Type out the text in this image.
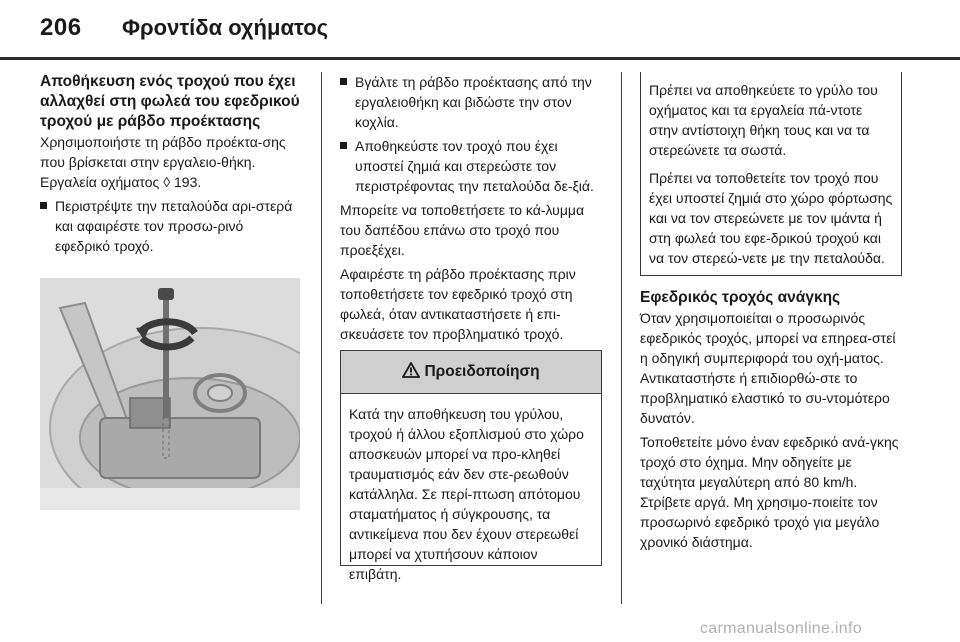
206 Φροντίδα οχήματος
Αποθήκευση ενός τροχού που έχει αλλαχθεί στη φωλεά του εφεδρικού τροχού με ράβδο προέκτασης

Χρησιμοποιήστε τη ράβδο προέκτα-σης που βρίσκεται στην εργαλειο-θήκη. Εργαλεία οχήματος ◊ 193.

Περιστρέψτε την πεταλούδα αρι-στερά και αφαιρέστε τον προσω-ρινό εφεδρικό τροχό.
Βγάλτε τη ράβδο προέκτασης από την εργαλειοθήκη και βιδώστε την στον κοχλία.
Αποθηκεύστε τον τροχό που έχει υποστεί ζημιά και στερεώστε τον περιστρέφοντας την πεταλούδα δε-ξιά.

Μπορείτε να τοποθετήσετε το κά-λυμμα του δαπέδου επάνω στο τροχό που προεξέχει.

Αφαιρέστε τη ράβδο προέκτασης πριν τοποθετήσετε τον εφεδρικό τροχό στη φωλεά, όταν αντικαταστήσετε ή επι-σκευάσετε τον προβληματικό τροχό.

Προειδοποίηση
Κατά την αποθήκευση του γρύλου, τροχού ή άλλου εξοπλισμού στο χώρο αποσκευών μπορεί να προ-κληθεί τραυματισμός εάν δεν στε-ρεωθούν κατάλληλα. Σε περί-πτωση απότομου σταματήματος ή σύγκρουσης, τα αντικείμενα που δεν έχουν στερεωθεί μπορεί να χτυπήσουν κάποιον επιβάτη.

Πρέπει να αποθηκεύετε το γρύλο του οχήματος και τα εργαλεία πά-ντοτε στην αντίστοιχη θήκη τους και να τα στερεώνετε τα σωστά.

Πρέπει να τοποθετείτε τον τροχό που έχει υποστεί ζημιά στο χώρο φόρτωσης και να τον στερεώνετε με τον ιμάντα ή στη φωλεά του εφε-δρικού τροχού και να τον στερεώ-νετε με την πεταλούδα.

Εφεδρικός τροχός ανάγκης

Όταν χρησιμοποιείται ο προσωρινός εφεδρικός τροχός, μπορεί να επηρεα-στεί η οδηγική συμπεριφορά του οχή-ματος. Αντικαταστήστε ή επιδιορθώ-στε το προβληματικό ελαστικό το συ-ντομότερο δυνατόν.

Τοποθετείτε μόνο έναν εφεδρικό ανά-γκης τροχό στο όχημα. Μην οδηγείτε με ταχύτητα μεγαλύτερη από 80 km/h. Στρίβετε αργά. Μη χρησιμο-ποιείτε τον προσωρινό εφεδρικό τροχό για μεγάλο χρονικό διάστημα.

carmanualsonline.info
